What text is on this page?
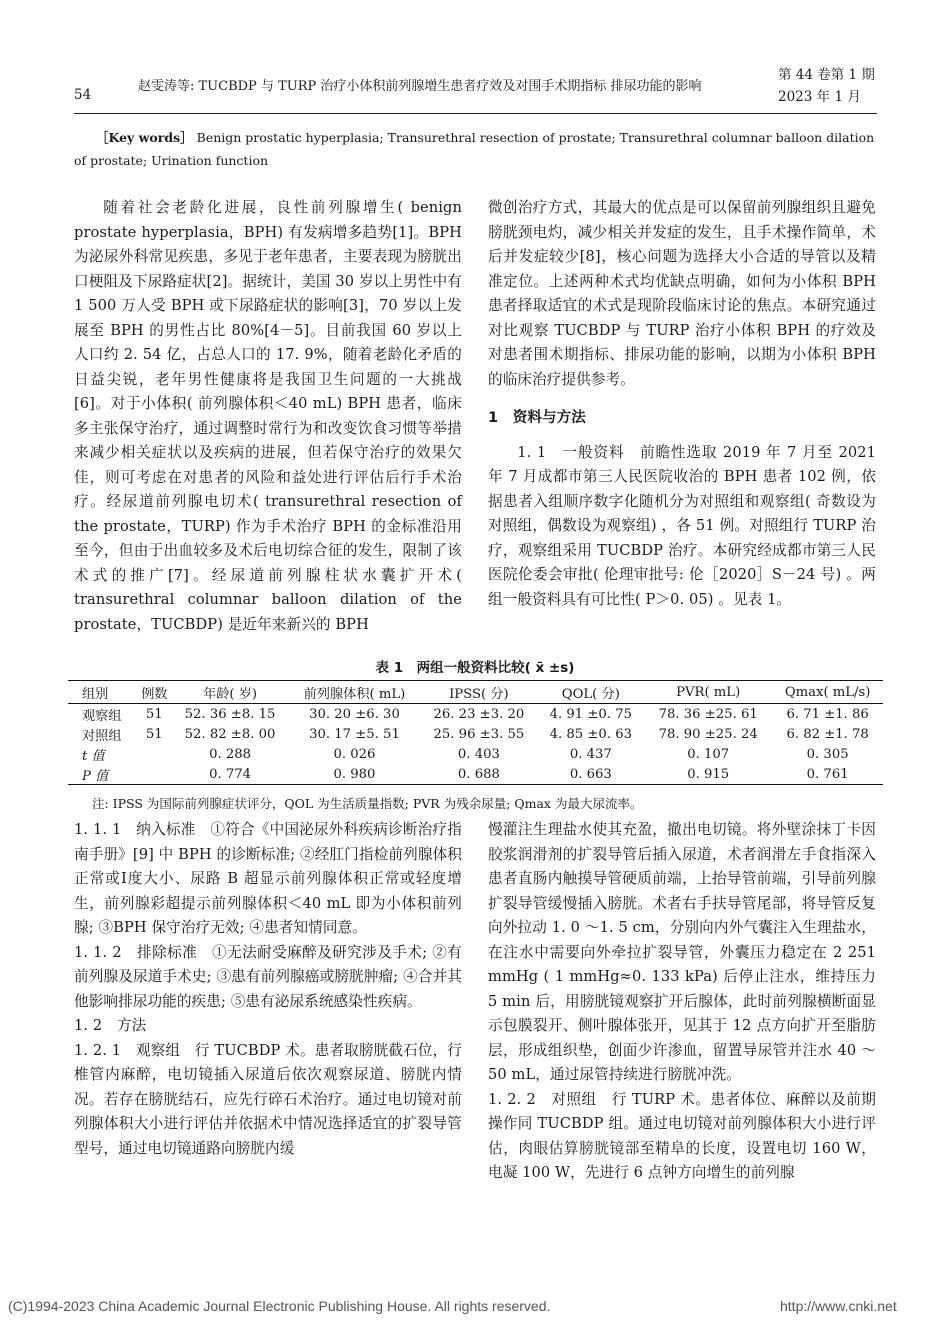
54
赵雯涛等: TUCBDP 与 TURP 治疗小体积前列腺增生患者疗效及对围手术期指标 排尿功能的影响
第 44 卷第 1 期
2023 年 1 月
［Key words］ Benign prostatic hyperplasia; Transurethral resection of prostate; Transurethral columnar balloon dilation of prostate; Urination function

随着社会老龄化进展，良性前列腺增生( benign prostate hyperplasia，BPH) 有发病增多趋势[1]。BPH 为泌尿外科常见疾患，多见于老年患者，主要表现为膀胱出口梗阻及下尿路症状[2]。据统计，美国 30 岁以上男性中有 1 500 万人受 BPH 或下尿路症状的影响[3]，70 岁以上发展至 BPH 的男性占比 80%[4－5]。目前我国 60 岁以上人口约 2. 54 亿，占总人口的 17. 9%，随着老龄化矛盾的日益尖锐，老年男性健康将是我国卫生问题的一大挑战[6]。对于小体积( 前列腺体积＜40 mL) BPH 患者，临床多主张保守治疗，通过调整时常行为和改变饮食习惯等举措来减少相关症状以及疾病的进展，但若保守治疗的效果欠佳，则可考虑在对患者的风险和益处进行评估后行手术治疗。经尿道前列腺电切术( transurethral resection of the prostate，TURP) 作为手术治疗 BPH 的金标准沿用至今，但由于出血较多及术后电切综合征的发生，限制了该术式的推广[7]。经尿道前列腺柱状水囊扩开术( transurethral columnar balloon dilation of the prostate，TUCBDP) 是近年来新兴的 BPH

微创治疗方式，其最大的优点是可以保留前列腺组织且避免膀胱颈电灼，减少相关并发症的发生，且手术操作简单，术后并发症较少[8]，核心问题为选择大小合适的导管以及精准定位。上述两种术式均优缺点明确，如何为小体积 BPH 患者择取适宜的术式是现阶段临床讨论的焦点。本研究通过对比观察 TUCBDP 与 TURP 治疗小体积 BPH 的疗效及对患者围术期指标、排尿功能的影响，以期为小体积 BPH 的临床治疗提供参考。

1　资料与方法

1. 1　一般资料　前瞻性选取 2019 年 7 月至 2021 年 7 月成都市第三人民医院收治的 BPH 患者 102 例，依据患者入组顺序数字化随机分为对照组和观察组( 奇数设为对照组，偶数设为观察组) ，各 51 例。对照组行 TURP 治疗，观察组采用 TUCBDP 治疗。本研究经成都市第三人民医院伦委会审批( 伦理审批号: 伦［2020］S－24 号) 。两组一般资料具有可比性( P＞0. 05) 。见表 1。

表 1　两组一般资料比较( x̄ ±s)
组别	例数	年龄( 岁)	前列腺体积( mL)	IPSS( 分)	QOL( 分)	PVR( mL)	Qmax( mL/s)
观察组	51	52. 36 ±8. 15	30. 20 ±6. 30	26. 23 ±3. 20	4. 91 ±0. 75	78. 36 ±25. 61	6. 71 ±1. 86
对照组	51	52. 82 ±8. 00	30. 17 ±5. 51	25. 96 ±3. 55	4. 85 ±0. 63	78. 90 ±25. 24	6. 82 ±1. 78
t 值		0. 288	0. 026	0. 403	0. 437	0. 107	0. 305
P 值		0. 774	0. 980	0. 688	0. 663	0. 915	0. 761
注: IPSS 为国际前列腺症状评分，QOL 为生活质量指数; PVR 为残余尿量; Qmax 为最大尿流率。

1. 1. 1　纳入标准　①符合《中国泌尿外科疾病诊断治疗指南手册》[9] 中 BPH 的诊断标准; ②经肛门指检前列腺体积正常或Ⅰ度大小、尿路 B 超显示前列腺体积正常或轻度增生，前列腺彩超提示前列腺体积＜40 mL 即为小体积前列腺; ③BPH 保守治疗无效; ④患者知情同意。

1. 1. 2　排除标准　①无法耐受麻醉及研究涉及手术; ②有前列腺及尿道手术史; ③患有前列腺癌或膀胱肿瘤; ④合并其他影响排尿功能的疾患; ⑤患有泌尿系统感染性疾病。

1. 2　方法

1. 2. 1　观察组　行 TUCBDP 术。患者取膀胱截石位，行椎管内麻醉，电切镜插入尿道后依次观察尿道、膀胱内情况。若存在膀胱结石，应先行碎石术治疗。通过电切镜对前列腺体积大小进行评估并依据术中情况选择适宜的扩裂导管型号，通过电切镜通路向膀胱内缓

慢灌注生理盐水使其充盈，撤出电切镜。将外壁涂抹丁卡因胶浆润滑剂的扩裂导管后插入尿道，术者润滑左手食指深入患者直肠内触摸导管硬质前端，上抬导管前端，引导前列腺扩裂导管缓慢插入膀胱。术者右手扶导管尾部，将导管反复向外拉动 1. 0 ～1. 5 cm，分别向内外气囊注入生理盐水，在注水中需要向外牵拉扩裂导管，外囊压力稳定在 2 251 mmHg ( 1 mmHg≈0. 133 kPa) 后停止注水，维持压力 5 min 后，用膀胱镜观察扩开后腺体，此时前列腺横断面显示包膜裂开、侧叶腺体张开，见其于 12 点方向扩开至脂肪层，形成组织垫，创面少许渗血，留置导尿管并注水 40 ～50 mL，通过尿管持续进行膀胱冲洗。

1. 2. 2　对照组　行 TURP 术。患者体位、麻醉以及前期操作同 TUCBDP 组。通过电切镜对前列腺体积大小进行评估，肉眼估算膀胱镜部至精阜的长度，设置电切 160 W，电凝 100 W，先进行 6 点钟方向增生的前列腺

(C)1994-2023 China Academic Journal Electronic Publishing House. All rights reserved.	http://www.cnki.net
